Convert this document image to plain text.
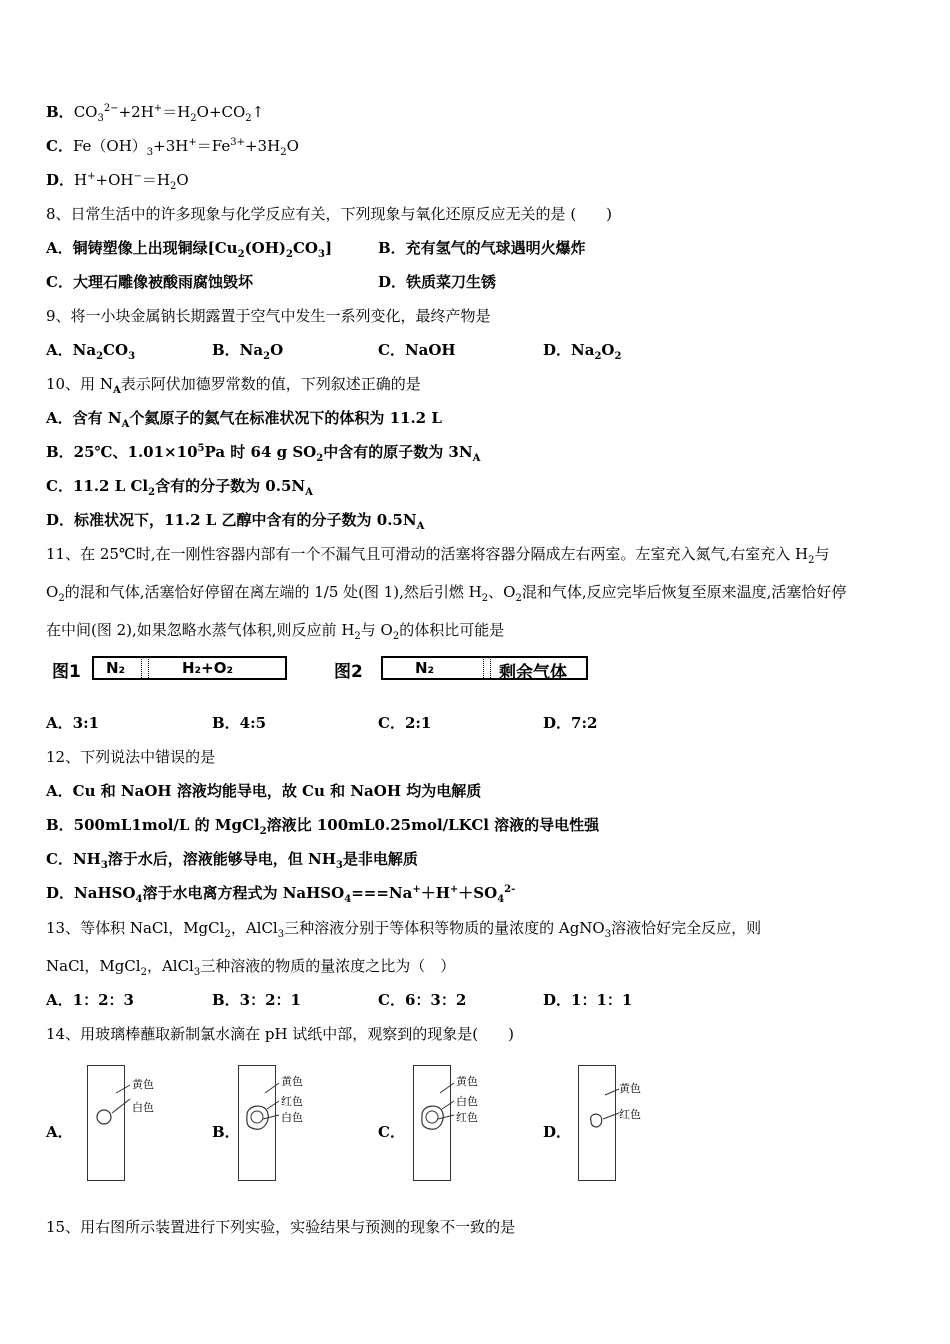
B．$CO_3^{2-}+2H^+=H_2O+CO_2↑$
C．$Fe(OH)_3+3H^+=Fe^{3+}+3H_2O$
D．$H^++OH^-=H_2O$
8、日常生活中的许多现象与化学反应有关，下列现象与氧化还原反应无关的是 (　　)
A．铜铸塑像上出现铜绿$[Cu_2(OH)_2CO_3]$	B．充有氢气的气球遇明火爆炸
C．大理石雕像被酸雨腐蚀毁坏	D．铁质菜刀生锈
9、将一小块金属钠长期露置于空气中发生一系列变化，最终产物是
A．$Na_2CO_3$	B．$Na_2O$	C．NaOH	D．$Na_2O_2$
10、用 $N_A$表示阿伏加德罗常数的值，下列叙述正确的是
A．含有 $N_A$个氦原子的氦气在标准状况下的体积为 11.2 L
B．25℃、$1.01\times 10^5Pa$ 时 64 g $SO_2$中含有的原子数为 $3N_A$
C．11.2 L $Cl_2$含有的分子数为 $0.5N_A$
D．标准状况下，11.2 L 乙醇中含有的分子数为 $0.5N_A$
11、在 25℃时,在一刚性容器内部有一个不漏气且可滑动的活塞将容器分隔成左右两室。左室充入氮气,右室充入 $H_2$与
$O_2$的混和气体,活塞恰好停留在离左端的 1/5 处(图 1),然后引燃 $H_2$、$O_2$混和气体,反应完毕后恢复至原来温度,活塞恰好停
在中间(图 2),如果忽略水蒸气体积,则反应前 $H_2$与 $O_2$的体积比可能是
图1 N₂	H₂+O₂	图2	N₂	剩余气体
A．3:1	B．4:5	C．2:1	D．7:2
12、下列说法中错误的是
A．Cu 和 NaOH 溶液均能导电，故 Cu 和 NaOH 均为电解质
B．500mL1mol/L 的 MgCl$_2$溶液比 100mL0.25mol/LKCl 溶液的导电性强
C．$NH_3$溶于水后，溶液能够导电，但 $NH_3$是非电解质
D．NaHSO$_4$溶于水电离方程式为 $NaHSO_4===Na^++H^++SO_4^{2-}$
13、等体积 NaCl，MgCl$_2$，AlCl$_3$三种溶液分别于等体积等物质的量浓度的 AgNO$_3$溶液恰好完全反应，则
NaCl，MgCl$_2$，AlCl$_3$三种溶液的物质的量浓度之比为（　）
A．1：2：3	B．3：2：1	C．6：3：2	D．1：1：1
14、用玻璃棒蘸取新制氯水滴在 pH 试纸中部，观察到的现象是(　　)
A．
黄色
白色
B．
黄色
红色
白色
C．
黄色
白色
红色
D．
黄色
红色
15、用右图所示装置进行下列实验，实验结果与预测的现象不一致的是
